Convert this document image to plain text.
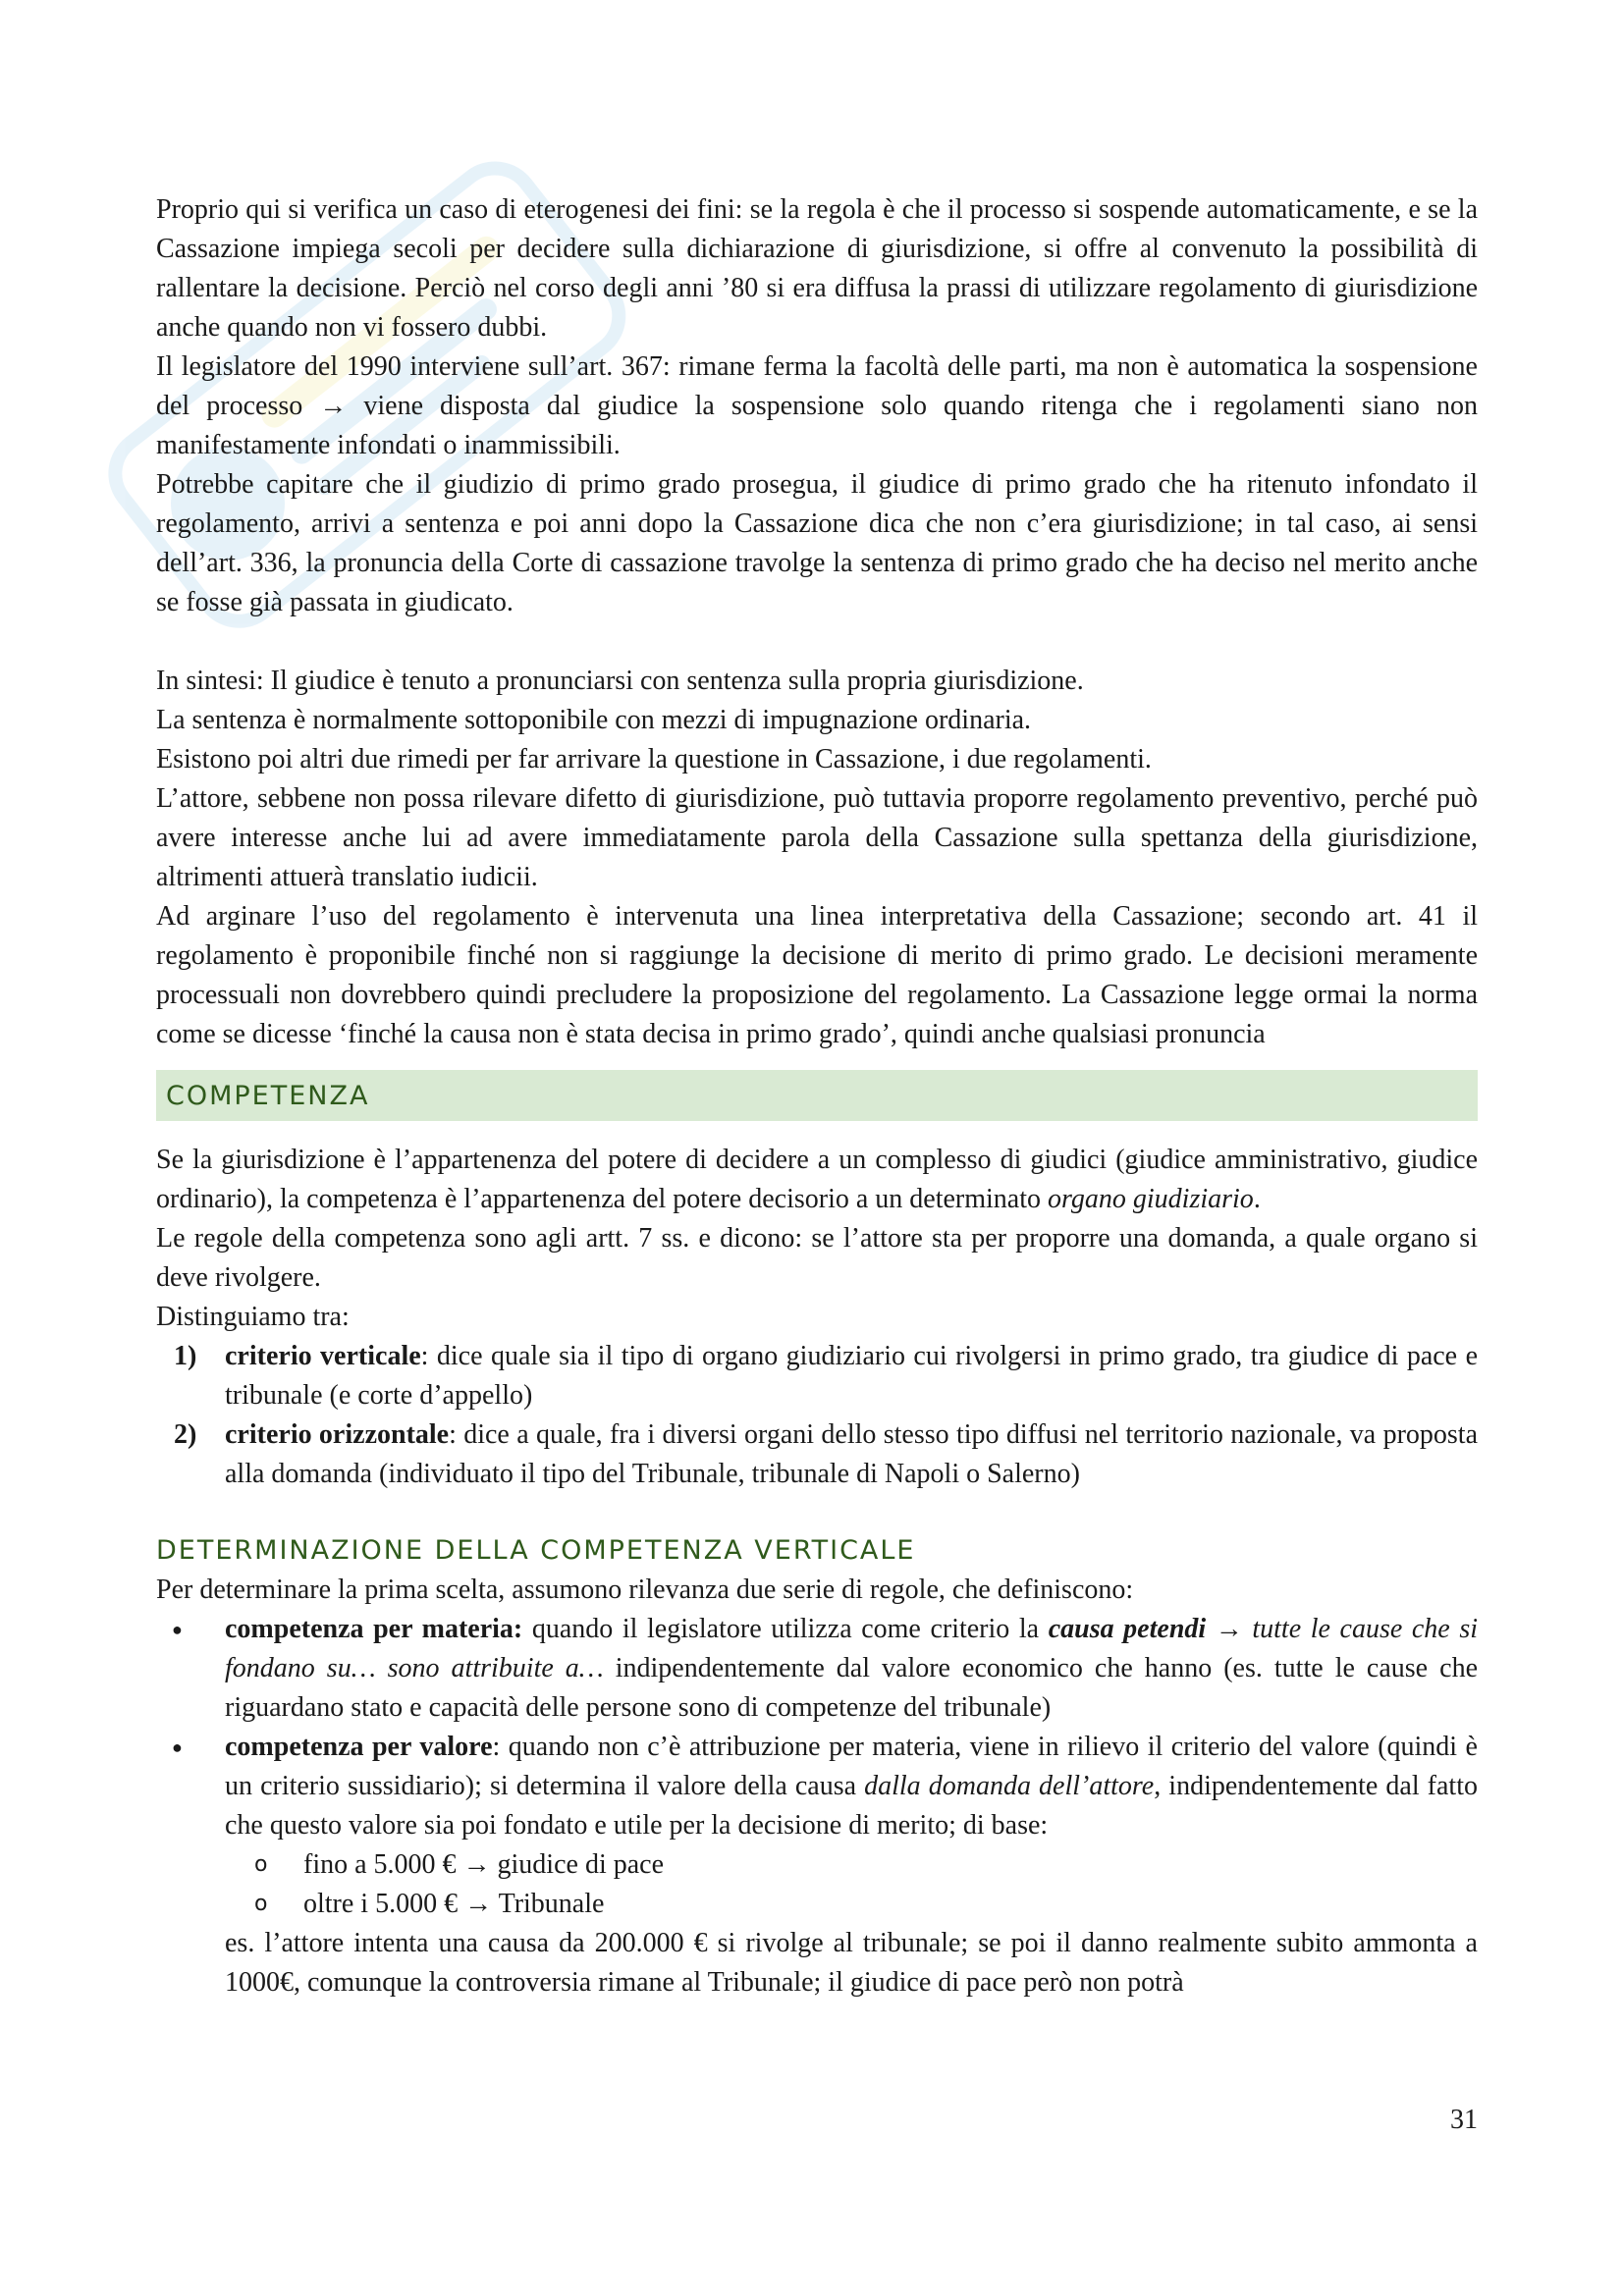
Proprio qui si verifica un caso di eterogenesi dei fini: se la regola è che il processo si sospende automaticamente, e se la Cassazione impiega secoli per decidere sulla dichiarazione di giurisdizione, si offre al convenuto la possibilità di rallentare la decisione. Perciò nel corso degli anni ’80 si era diffusa la prassi di utilizzare regolamento di giurisdizione anche quando non vi fossero dubbi.

Il legislatore del 1990 interviene sull’art. 367: rimane ferma la facoltà delle parti, ma non è automatica la sospensione del processo → viene disposta dal giudice la sospensione solo quando ritenga che i regolamenti siano non manifestamente infondati o inammissibili.

Potrebbe capitare che il giudizio di primo grado prosegua, il giudice di primo grado che ha ritenuto infondato il regolamento, arrivi a sentenza e poi anni dopo la Cassazione dica che non c’era giurisdizione; in tal caso, ai sensi dell’art. 336, la pronuncia della Corte di cassazione travolge la sentenza di primo grado che ha deciso nel merito anche se fosse già passata in giudicato.

In sintesi: Il giudice è tenuto a pronunciarsi con sentenza sulla propria giurisdizione.

La sentenza è normalmente sottoponibile con mezzi di impugnazione ordinaria.

Esistono poi altri due rimedi per far arrivare la questione in Cassazione, i due regolamenti.

L’attore, sebbene non possa rilevare difetto di giurisdizione, può tuttavia proporre regolamento preventivo, perché può avere interesse anche lui ad avere immediatamente parola della Cassazione sulla spettanza della giurisdizione, altrimenti attuerà translatio iudicii.

Ad arginare l’uso del regolamento è intervenuta una linea interpretativa della Cassazione; secondo art. 41 il regolamento è proponibile finché non si raggiunge la decisione di merito di primo grado. Le decisioni meramente processuali non dovrebbero quindi precludere la proposizione del regolamento. La Cassazione legge ormai la norma come se dicesse ‘finché la causa non è stata decisa in primo grado’, quindi anche qualsiasi pronuncia

COMPETENZA

Se la giurisdizione è l’appartenenza del potere di decidere a un complesso di giudici (giudice amministrativo, giudice ordinario), la competenza è l’appartenenza del potere decisorio a un determinato organo giudiziario.

Le regole della competenza sono agli artt. 7 ss. e dicono: se l’attore sta per proporre una domanda, a quale organo si deve rivolgere.

Distinguiamo tra:

1) criterio verticale: dice quale sia il tipo di organo giudiziario cui rivolgersi in primo grado, tra giudice di pace e tribunale (e corte d’appello)
2) criterio orizzontale: dice a quale, fra i diversi organi dello stesso tipo diffusi nel territorio nazionale, va proposta alla domanda (individuato il tipo del Tribunale, tribunale di Napoli o Salerno)
DETERMINAZIONE DELLA COMPETENZA VERTICALE

Per determinare la prima scelta, assumono rilevanza due serie di regole, che definiscono:

● competenza per materia: quando il legislatore utilizza come criterio la causa petendi → tutte le cause che si fondano su… sono attribuite a… indipendentemente dal valore economico che hanno (es. tutte le cause che riguardano stato e capacità delle persone sono di competenze del tribunale)
● competenza per valore: quando non c’è attribuzione per materia, viene in rilievo il criterio del valore (quindi è un criterio sussidiario); si determina il valore della causa dalla domanda dell’attore, indipendentemente dal fatto che questo valore sia poi fondato e utile per la decisione di merito; di base:
o fino a 5.000 € → giudice di pace
o oltre i 5.000 € → Tribunale

es. l’attore intenta una causa da 200.000 € si rivolge al tribunale; se poi il danno realmente subito ammonta a 1000€, comunque la controversia rimane al Tribunale; il giudice di pace però non potrà

31
